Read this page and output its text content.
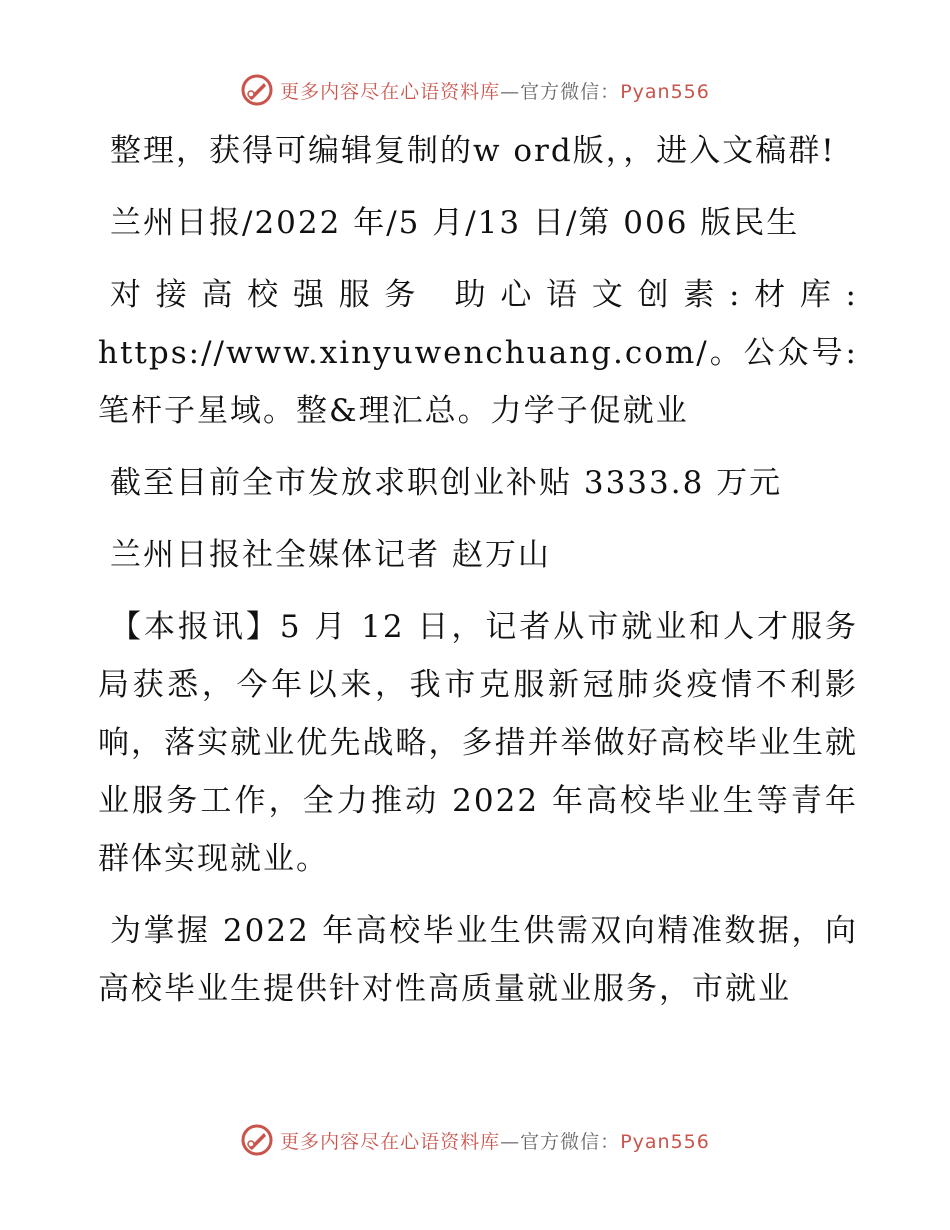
更多内容尽在心语资料库—官方微信：Pyan556

整理，获得可编辑复制的w ord版，，进入文稿群!

兰州日报/2022 年/5 月/13 日/第 006 版民生

对接高校强服务 助心语文创素:材库: https://www.xinyuwenchuang.com/。公众号: 笔杆子星域。整&理汇总。力学子促就业

截至目前全市发放求职创业补贴 3333.8 万元

兰州日报社全媒体记者 赵万山

【本报讯】5 月 12 日，记者从市就业和人才服务局获悉，今年以来，我市克服新冠肺炎疫情不利影响，落实就业优先战略，多措并举做好高校毕业生就业服务工作，全力推动 2022 年高校毕业生等青年群体实现就业。

为掌握 2022 年高校毕业生供需双向精准数据，向高校毕业生提供针对性高质量就业服务，市就业

更多内容尽在心语资料库—官方微信：Pyan556
